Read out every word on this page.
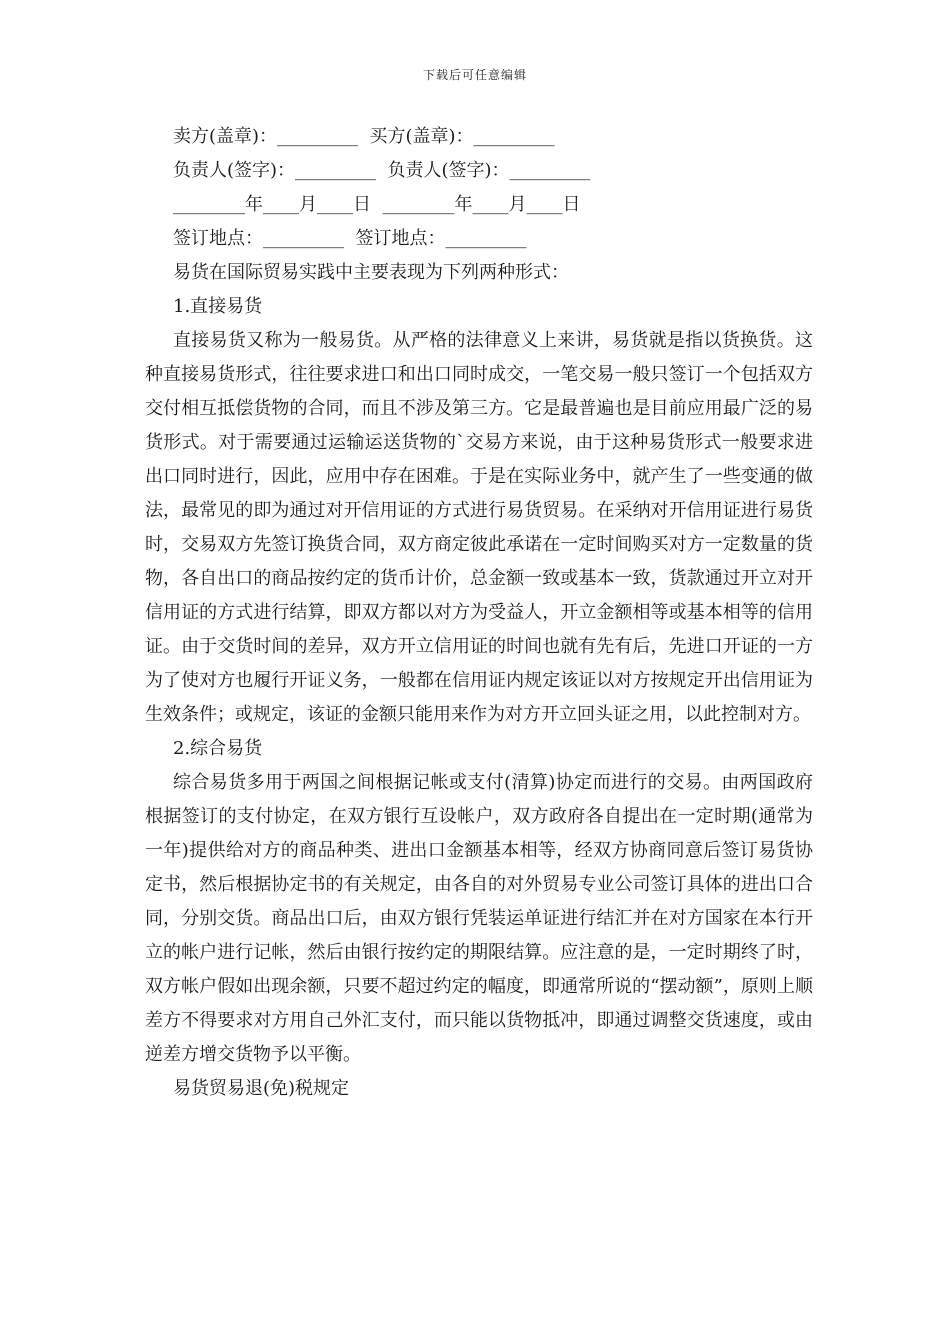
下载后可任意编辑
卖方(盖章)：_________  买方(盖章)：_________
负责人(签字)：_________  负责人(签字)：_________
________年____月____日  ________年____月____日
签订地点：_________  签订地点：_________

易货在国际贸易实践中主要表现为下列两种形式：

1.直接易货

直接易货又称为一般易货。从严格的法律意义上来讲，易货就是指以货换货。这种直接易货形式，往往要求进口和出口同时成交，一笔交易一般只签订一个包括双方交付相互抵偿货物的合同，而且不涉及第三方。它是最普遍也是目前应用最广泛的易货形式。对于需要通过运输运送货物的`交易方来说，由于这种易货形式一般要求进出口同时进行，因此，应用中存在困难。于是在实际业务中，就产生了一些变通的做法，最常见的即为通过对开信用证的方式进行易货贸易。在采纳对开信用证进行易货时，交易双方先签订换货合同，双方商定彼此承诺在一定时间购买对方一定数量的货物，各自出口的商品按约定的货币计价，总金额一致或基本一致，货款通过开立对开信用证的方式进行结算，即双方都以对方为受益人，开立金额相等或基本相等的信用证。由于交货时间的差异，双方开立信用证的时间也就有先有后，先进口开证的一方为了使对方也履行开证义务，一般都在信用证内规定该证以对方按规定开出信用证为生效条件；或规定，该证的金额只能用来作为对方开立回头证之用，以此控制对方。

2.综合易货

综合易货多用于两国之间根据记帐或支付(清算)协定而进行的交易。由两国政府根据签订的支付协定，在双方银行互设帐户，双方政府各自提出在一定时期(通常为一年)提供给对方的商品种类、进出口金额基本相等，经双方协商同意后签订易货协定书，然后根据协定书的有关规定，由各自的对外贸易专业公司签订具体的进出口合同，分别交货。商品出口后，由双方银行凭装运单证进行结汇并在对方国家在本行开立的帐户进行记帐，然后由银行按约定的期限结算。应注意的是，一定时期终了时，双方帐户假如出现余额，只要不超过约定的幅度，即通常所说的“摆动额”，原则上顺差方不得要求对方用自己外汇支付，而只能以货物抵冲，即通过调整交货速度，或由逆差方增交货物予以平衡。

易货贸易退(免)税规定
